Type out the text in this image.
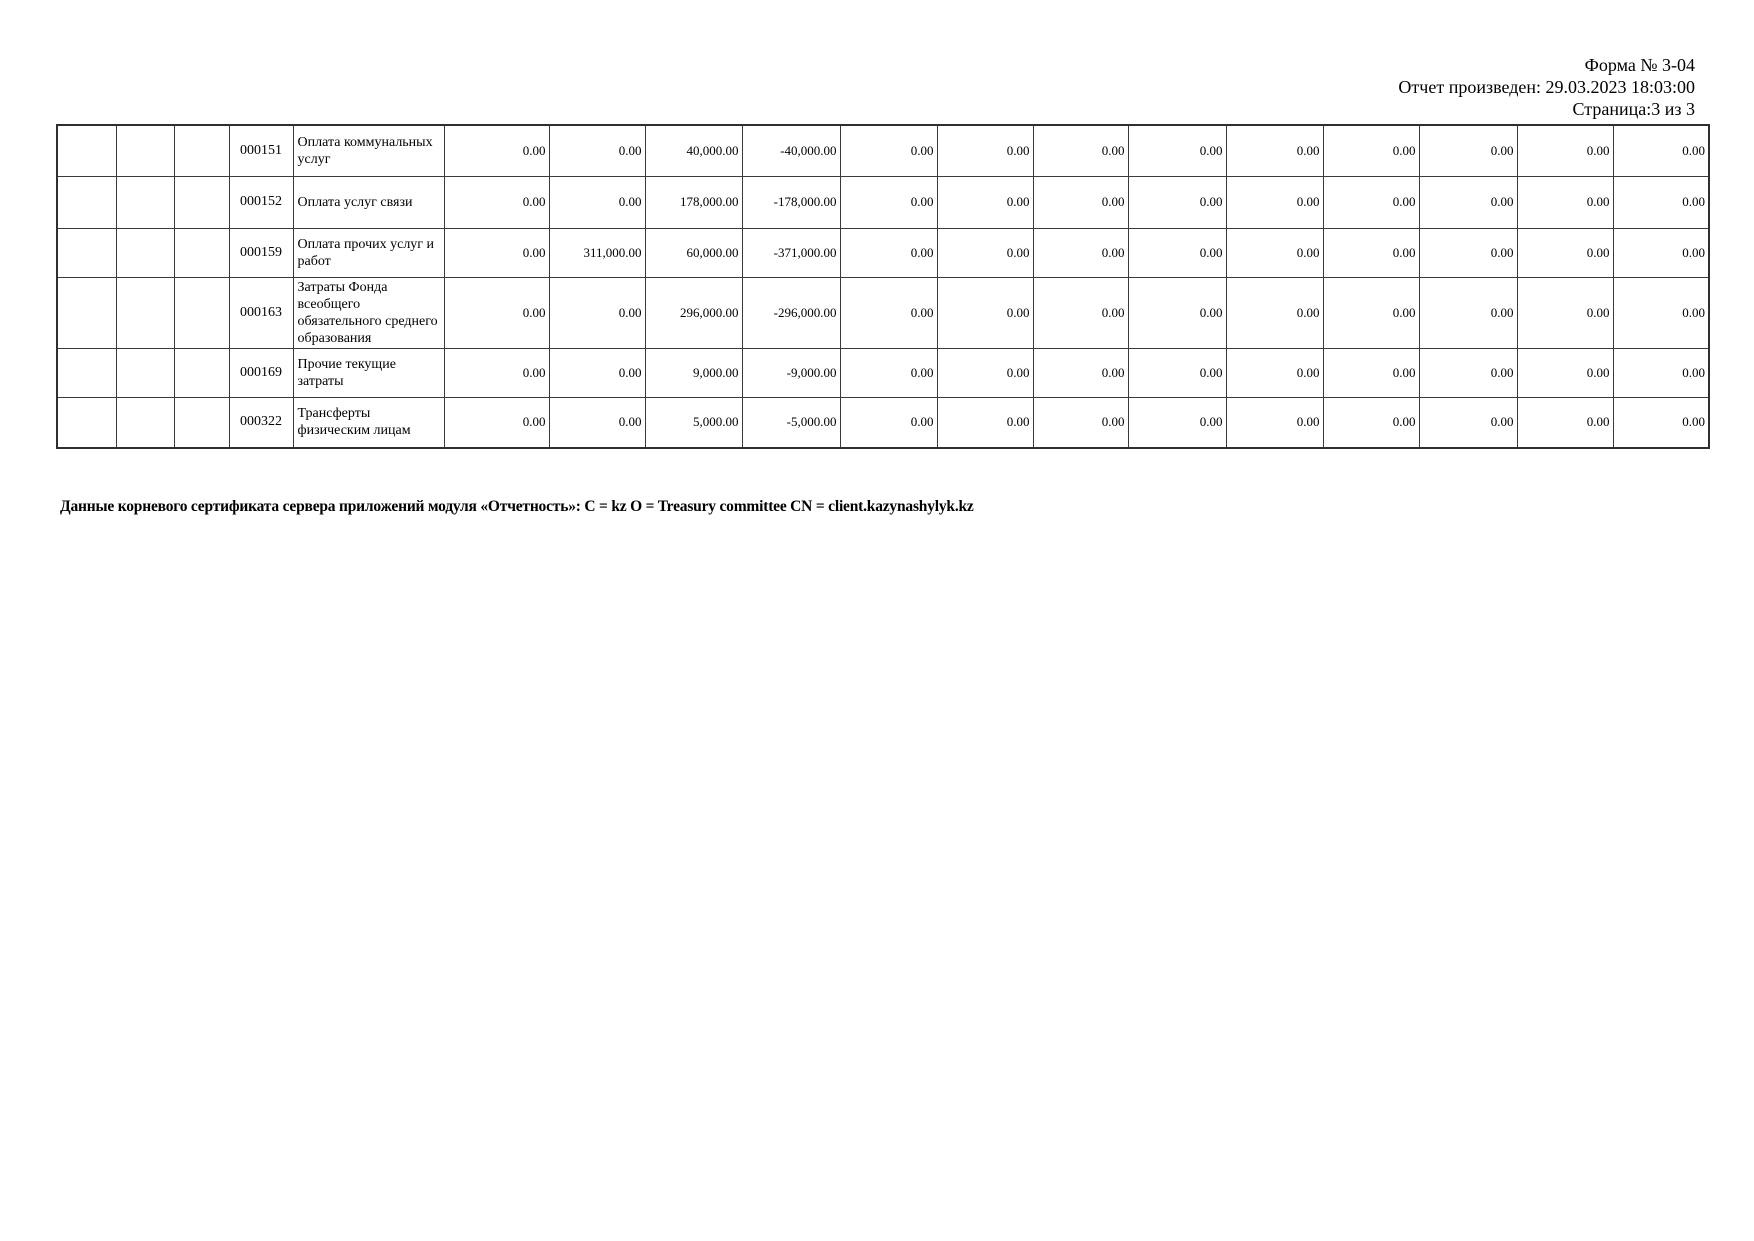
Форма № 3-04
Отчет произведен: 29.03.2023 18:03:00
Страница:3 из 3
			000151	Оплата коммунальных услуг	0.00	0.00	40,000.00	-40,000.00	0.00	0.00	0.00	0.00	0.00	0.00	0.00	0.00	0.00
			000152	Оплата услуг связи	0.00	0.00	178,000.00	-178,000.00	0.00	0.00	0.00	0.00	0.00	0.00	0.00	0.00	0.00
			000159	Оплата прочих услуг и работ	0.00	311,000.00	60,000.00	-371,000.00	0.00	0.00	0.00	0.00	0.00	0.00	0.00	0.00	0.00
			000163	Затраты Фонда всеобщего обязательного среднего образования	0.00	0.00	296,000.00	-296,000.00	0.00	0.00	0.00	0.00	0.00	0.00	0.00	0.00	0.00
			000169	Прочие текущие затраты	0.00	0.00	9,000.00	-9,000.00	0.00	0.00	0.00	0.00	0.00	0.00	0.00	0.00	0.00
			000322	Трансферты физическим лицам	0.00	0.00	5,000.00	-5,000.00	0.00	0.00	0.00	0.00	0.00	0.00	0.00	0.00	0.00
Данные корневого сертификата сервера приложений модуля «Отчетность»: C = kz O = Treasury committee CN = client.kazynashylyk.kz
